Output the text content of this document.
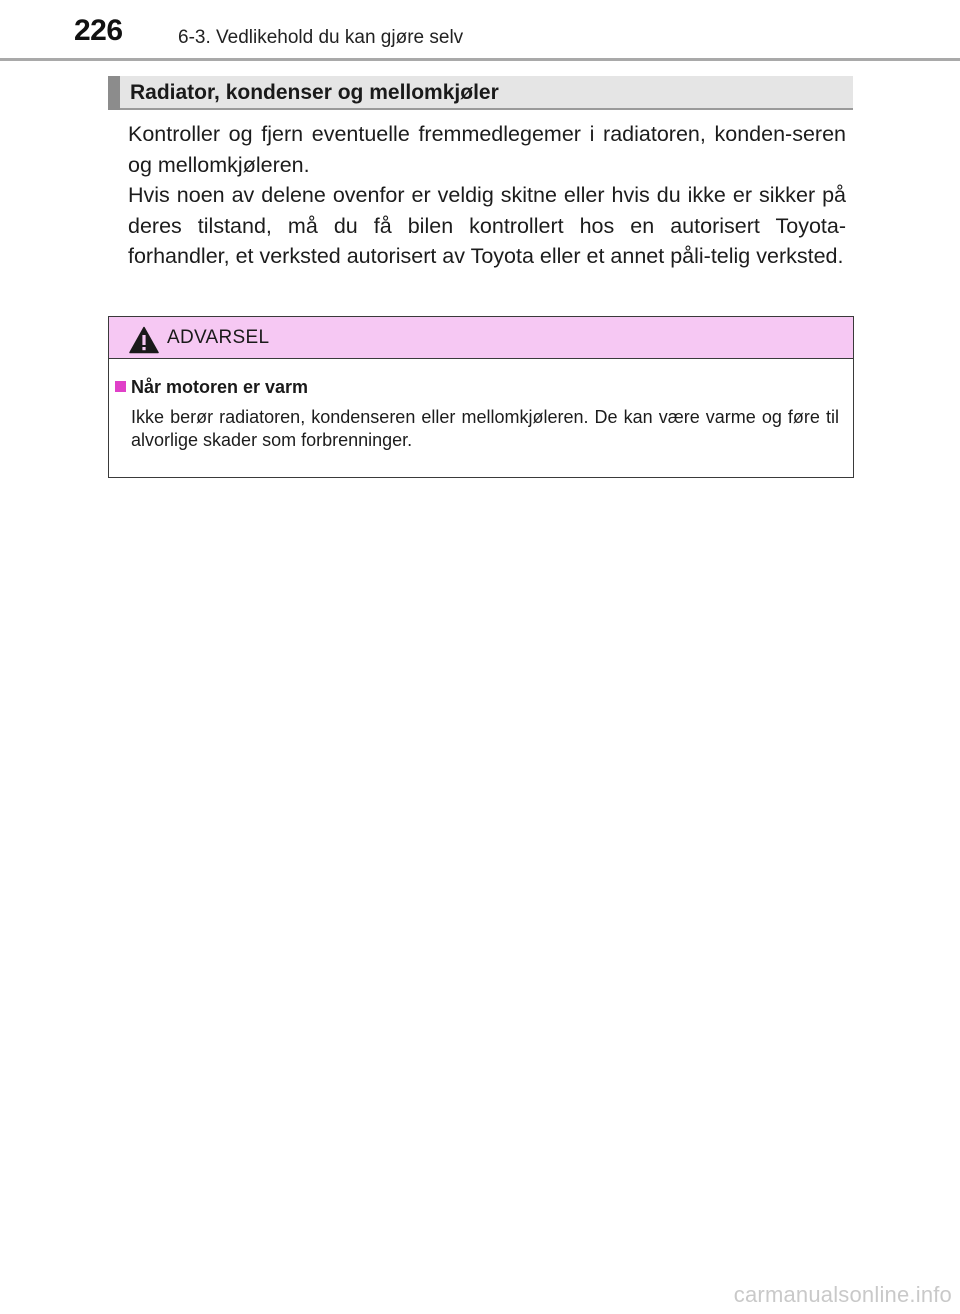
226	6-3. Vedlikehold du kan gjøre selv
Radiator, kondenser og mellomkjøler

Kontroller og fjern eventuelle fremmedlegemer i radiatoren, konden-seren og mellomkjøleren.

Hvis noen av delene ovenfor er veldig skitne eller hvis du ikke er sikker på deres tilstand, må du få bilen kontrollert hos en autorisert Toyota-forhandler, et verksted autorisert av Toyota eller et annet påli-telig verksted.

ADVARSEL
Når motoren er varm

Ikke berør radiatoren, kondenseren eller mellomkjøleren. De kan være varme og føre til alvorlige skader som forbrenninger.

carmanualsonline.info
